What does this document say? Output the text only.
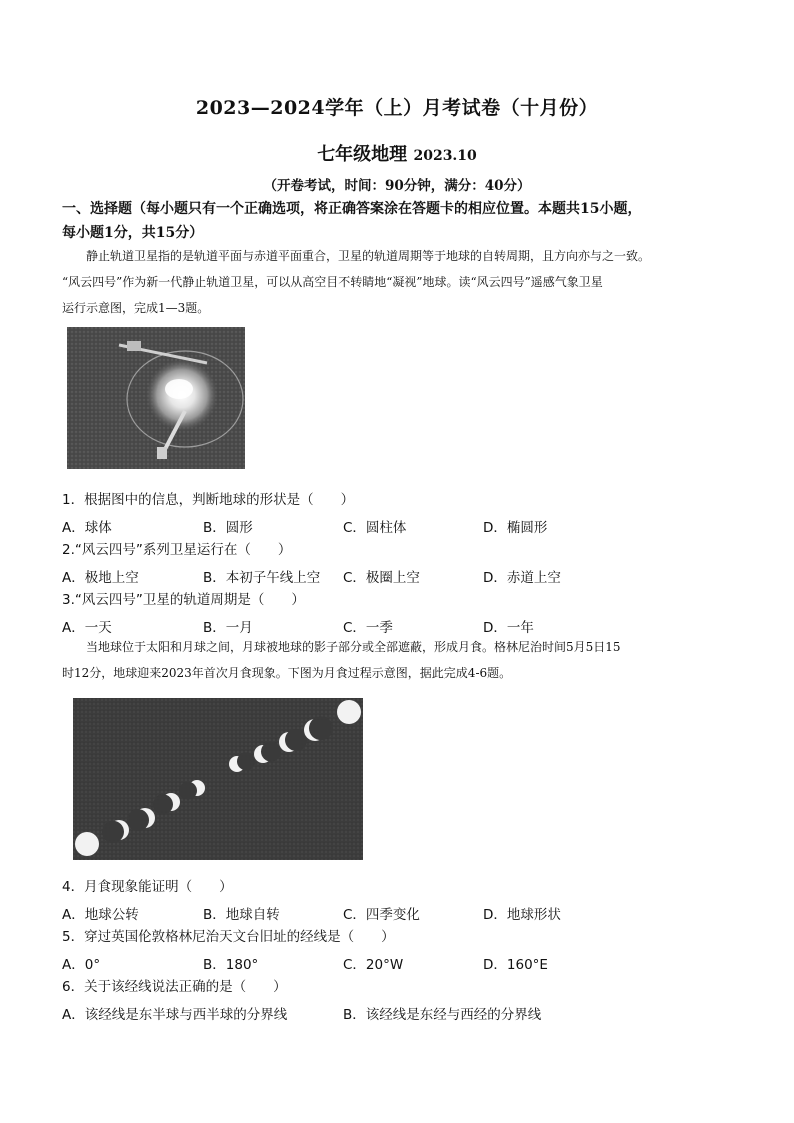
2023—2024学年（上）月考试卷（十月份）
七年级地理 2023.10
（开卷考试，时间：90分钟，满分：40分）
一、选择题（每小题只有一个正确选项，将正确答案涂在答题卡的相应位置。本题共15小题，
每小题1分，共15分）
静止轨道卫星指的是轨道平面与赤道平面重合，卫星的轨道周期等于地球的自转周期，且方向亦与之一致。
“风云四号”作为新一代静止轨道卫星，可以从高空目不转睛地“凝视”地球。读“风云四号”遥感气象卫星
运行示意图，完成1—3题。
1．根据图中的信息，判断地球的形状是（　　）
A．球体	B．圆形	C．圆柱体	D．椭圆形
2.“风云四号”系列卫星运行在（　　）
A．极地上空	B．本初子午线上空 C．极圈上空	D．赤道上空
3.“风云四号”卫星的轨道周期是（　　）
A．一天	B．一月	C．一季	D．一年
当地球位于太阳和月球之间，月球被地球的影子部分或全部遮蔽，形成月食。格林尼治时间5月5日15
时12分，地球迎来2023年首次月食现象。下图为月食过程示意图，据此完成4-6题。
4．月食现象能证明（　　）
A．地球公转	B．地球自转	C．四季变化	D．地球形状
5．穿过英国伦敦格林尼治天文台旧址的经线是（　　）
A．0°	B．180°	C．20°W	D．160°E
6．关于该经线说法正确的是（　　）
A．该经线是东半球与西半球的分界线	B．该经线是东经与西经的分界线
